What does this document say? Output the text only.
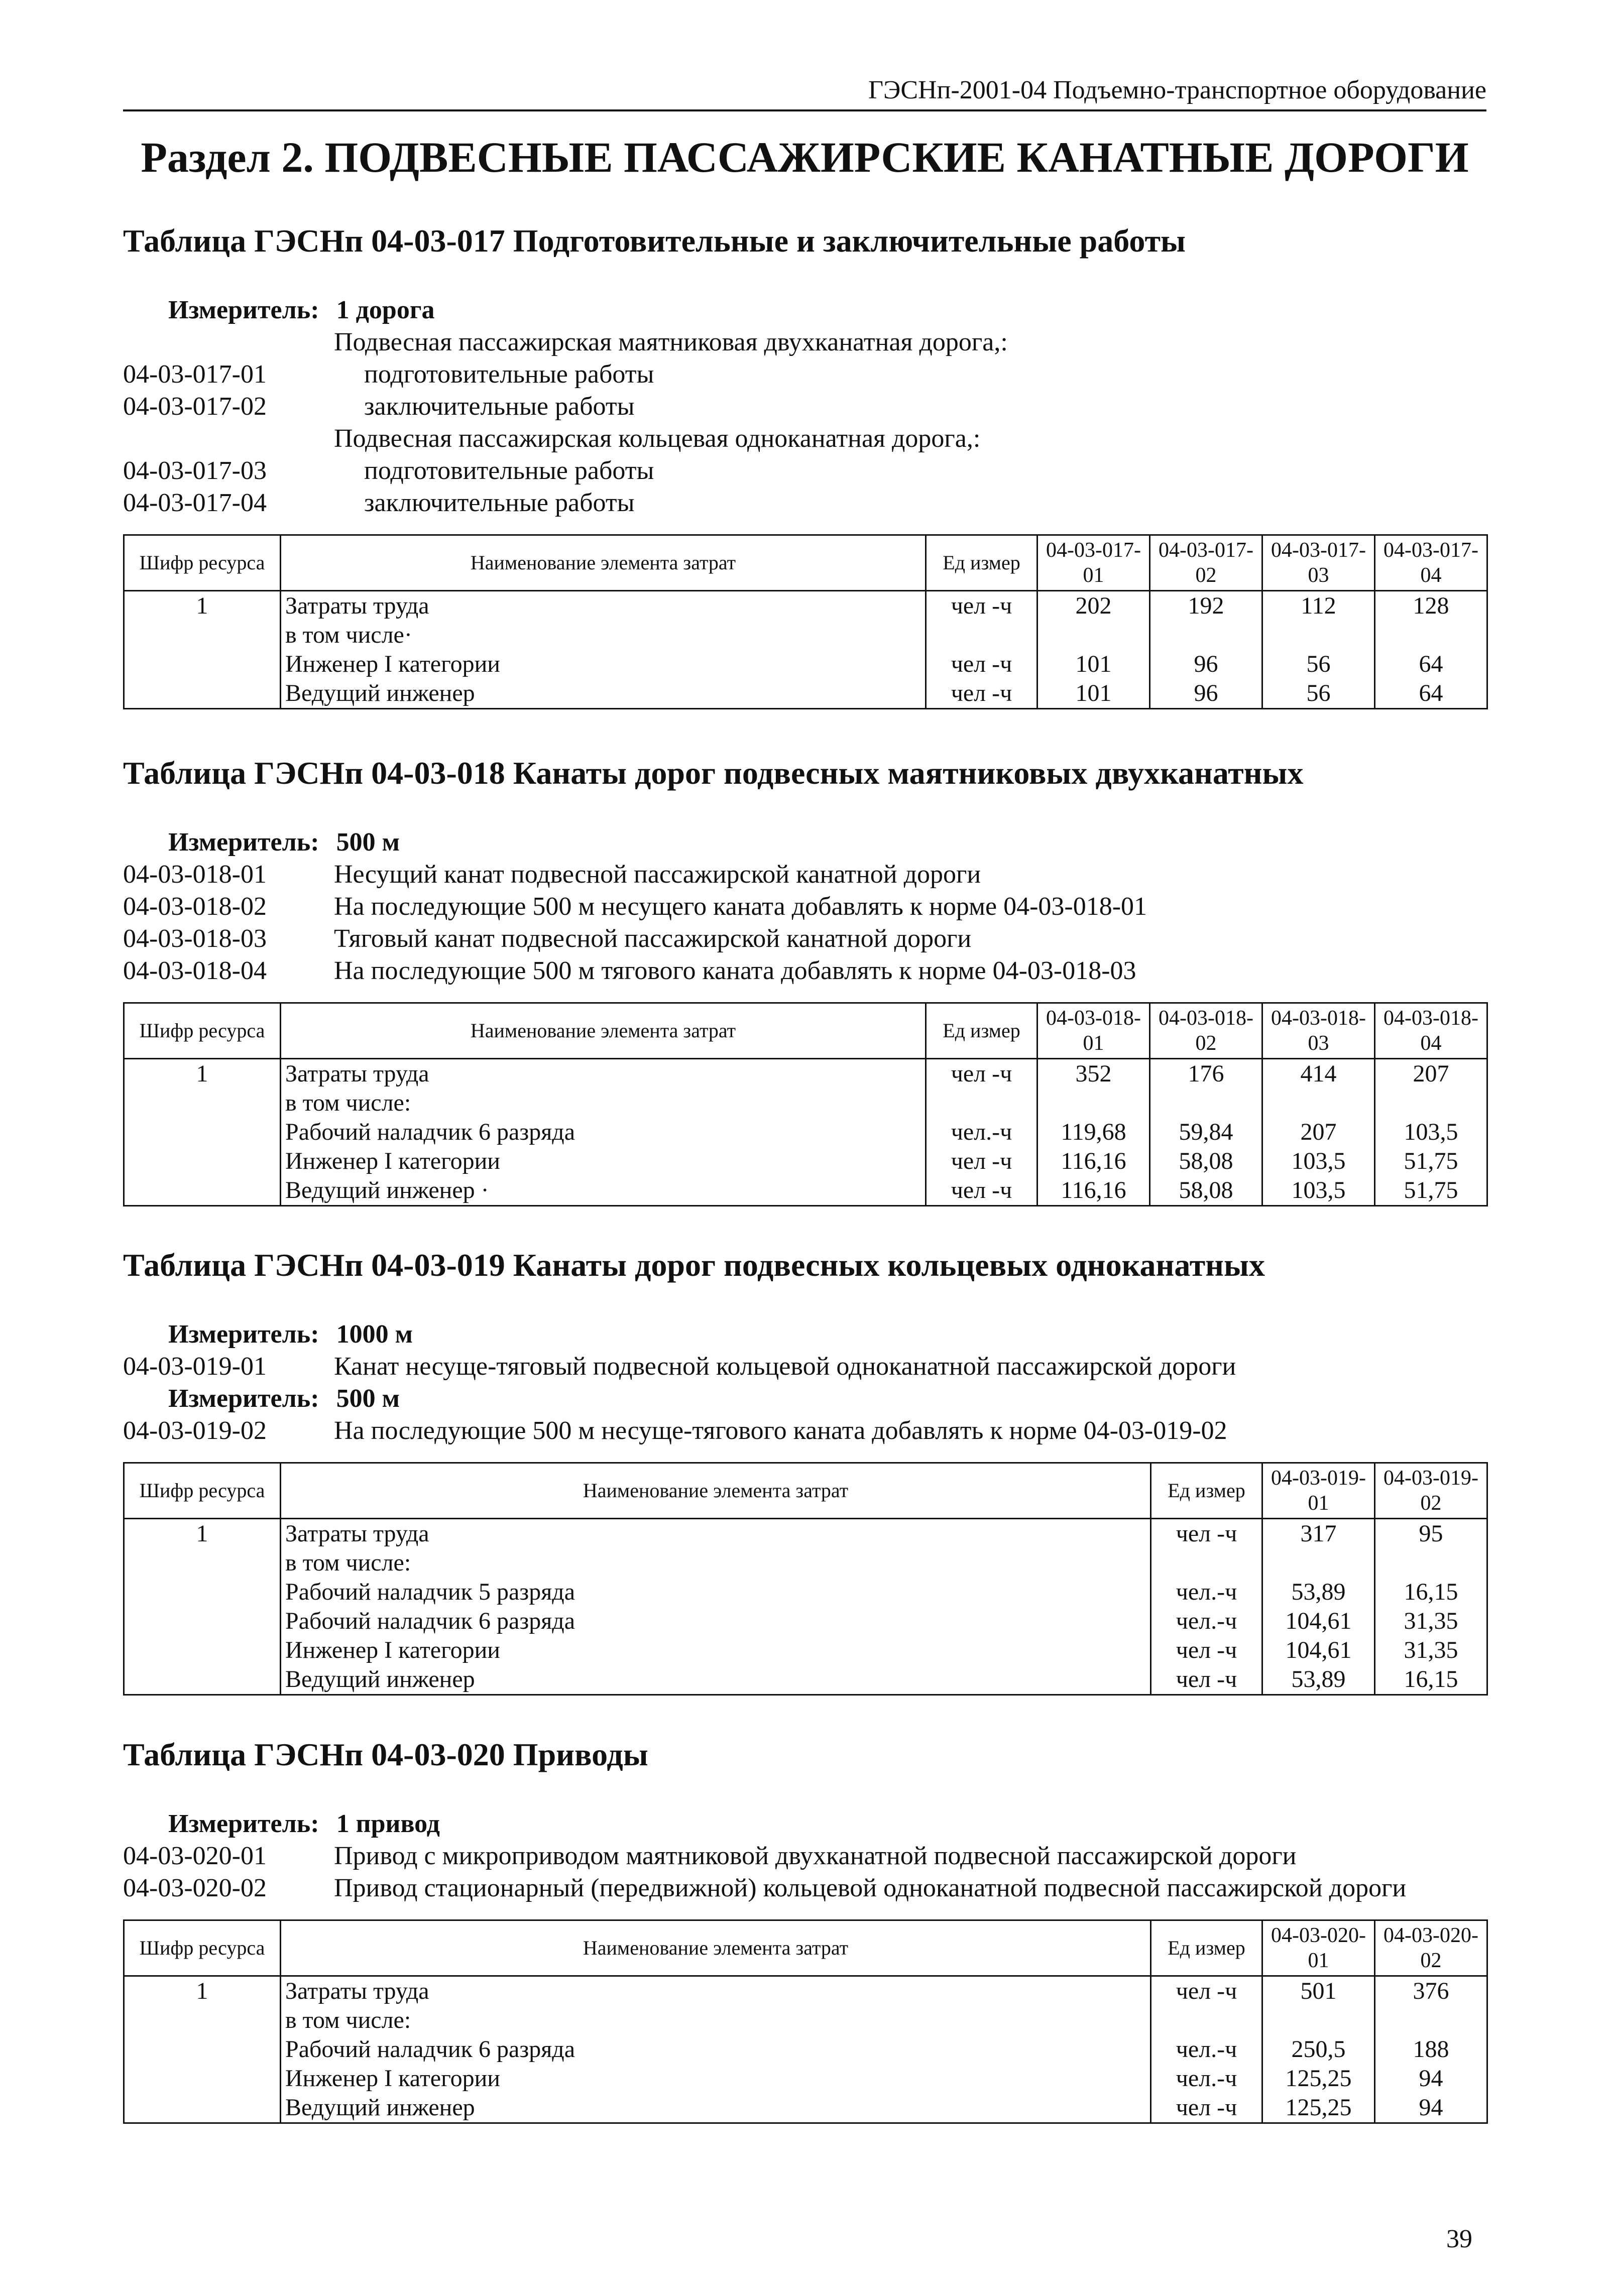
ГЭСНп-2001-04 Подъемно-транспортное оборудование
Раздел 2. ПОДВЕСНЫЕ ПАССАЖИРСКИЕ КАНАТНЫЕ ДОРОГИ
Таблица ГЭСНп 04-03-017 Подготовительные и заключительные работы
Измеритель: 1 дорога
Подвесная пассажирская маятниковая двухканатная дорога,:
04-03-017-01	подготовительные работы
04-03-017-02	заключительные работы
Подвесная пассажирская кольцевая одноканатная дорога,:
04-03-017-03	подготовительные работы
04-03-017-04	заключительные работы
Шифр ресурса	Наименование элемента затрат	Ед измер	04-03-017-01	04-03-017-02	04-03-017-03	04-03-017-04
1	Затраты труда	чел -ч	202	192	112	128
	в том числе·					
	Инженер I категории	чел -ч	101	96	56	64
	Ведущий инженер	чел -ч	101	96	56	64
Таблица ГЭСНп 04-03-018 Канаты дорог подвесных маятниковых двухканатных
Измеритель: 500 м
04-03-018-01	Несущий канат подвесной пассажирской канатной дороги
04-03-018-02	На последующие 500 м несущего каната добавлять к норме 04-03-018-01
04-03-018-03	Тяговый канат подвесной пассажирской канатной дороги
04-03-018-04	На последующие 500 м тягового каната добавлять к норме 04-03-018-03
Шифр ресурса	Наименование элемента затрат	Ед измер	04-03-018-01	04-03-018-02	04-03-018-03	04-03-018-04
1	Затраты труда	чел -ч	352	176	414	207
	в том числе:					
	Рабочий наладчик 6 разряда	чел.-ч	119,68	59,84	207	103,5
	Инженер I категории	чел -ч	116,16	58,08	103,5	51,75
	Ведущий инженер ·	чел -ч	116,16	58,08	103,5	51,75
Таблица ГЭСНп 04-03-019 Канаты дорог подвесных кольцевых одноканатных
Измеритель: 1000 м
04-03-019-01	Канат несуще-тяговый подвесной кольцевой одноканатной пассажирской дороги
Измеритель: 500 м
04-03-019-02	На последующие 500 м несуще-тягового каната добавлять к норме 04-03-019-02
Шифр ресурса	Наименование элемента затрат	Ед измер	04-03-019-01	04-03-019-02
1	Затраты труда	чел -ч	317	95
	в том числе:			
	Рабочий наладчик 5 разряда	чел.-ч	53,89	16,15
	Рабочий наладчик 6 разряда	чел.-ч	104,61	31,35
	Инженер I категории	чел -ч	104,61	31,35
	Ведущий инженер	чел -ч	53,89	16,15
Таблица ГЭСНп 04-03-020 Приводы
Измеритель: 1 привод
04-03-020-01	Привод с микроприводом маятниковой двухканатной подвесной пассажирской дороги
04-03-020-02	Привод стационарный (передвижной) кольцевой одноканатной подвесной пассажирской дороги
Шифр ресурса	Наименование элемента затрат	Ед измер	04-03-020-01	04-03-020-02
1	Затраты труда	чел -ч	501	376
	в том числе:			
	Рабочий наладчик 6 разряда	чел.-ч	250,5	188
	Инженер I категории	чел.-ч	125,25	94
	Ведущий инженер	чел -ч	125,25	94
39
